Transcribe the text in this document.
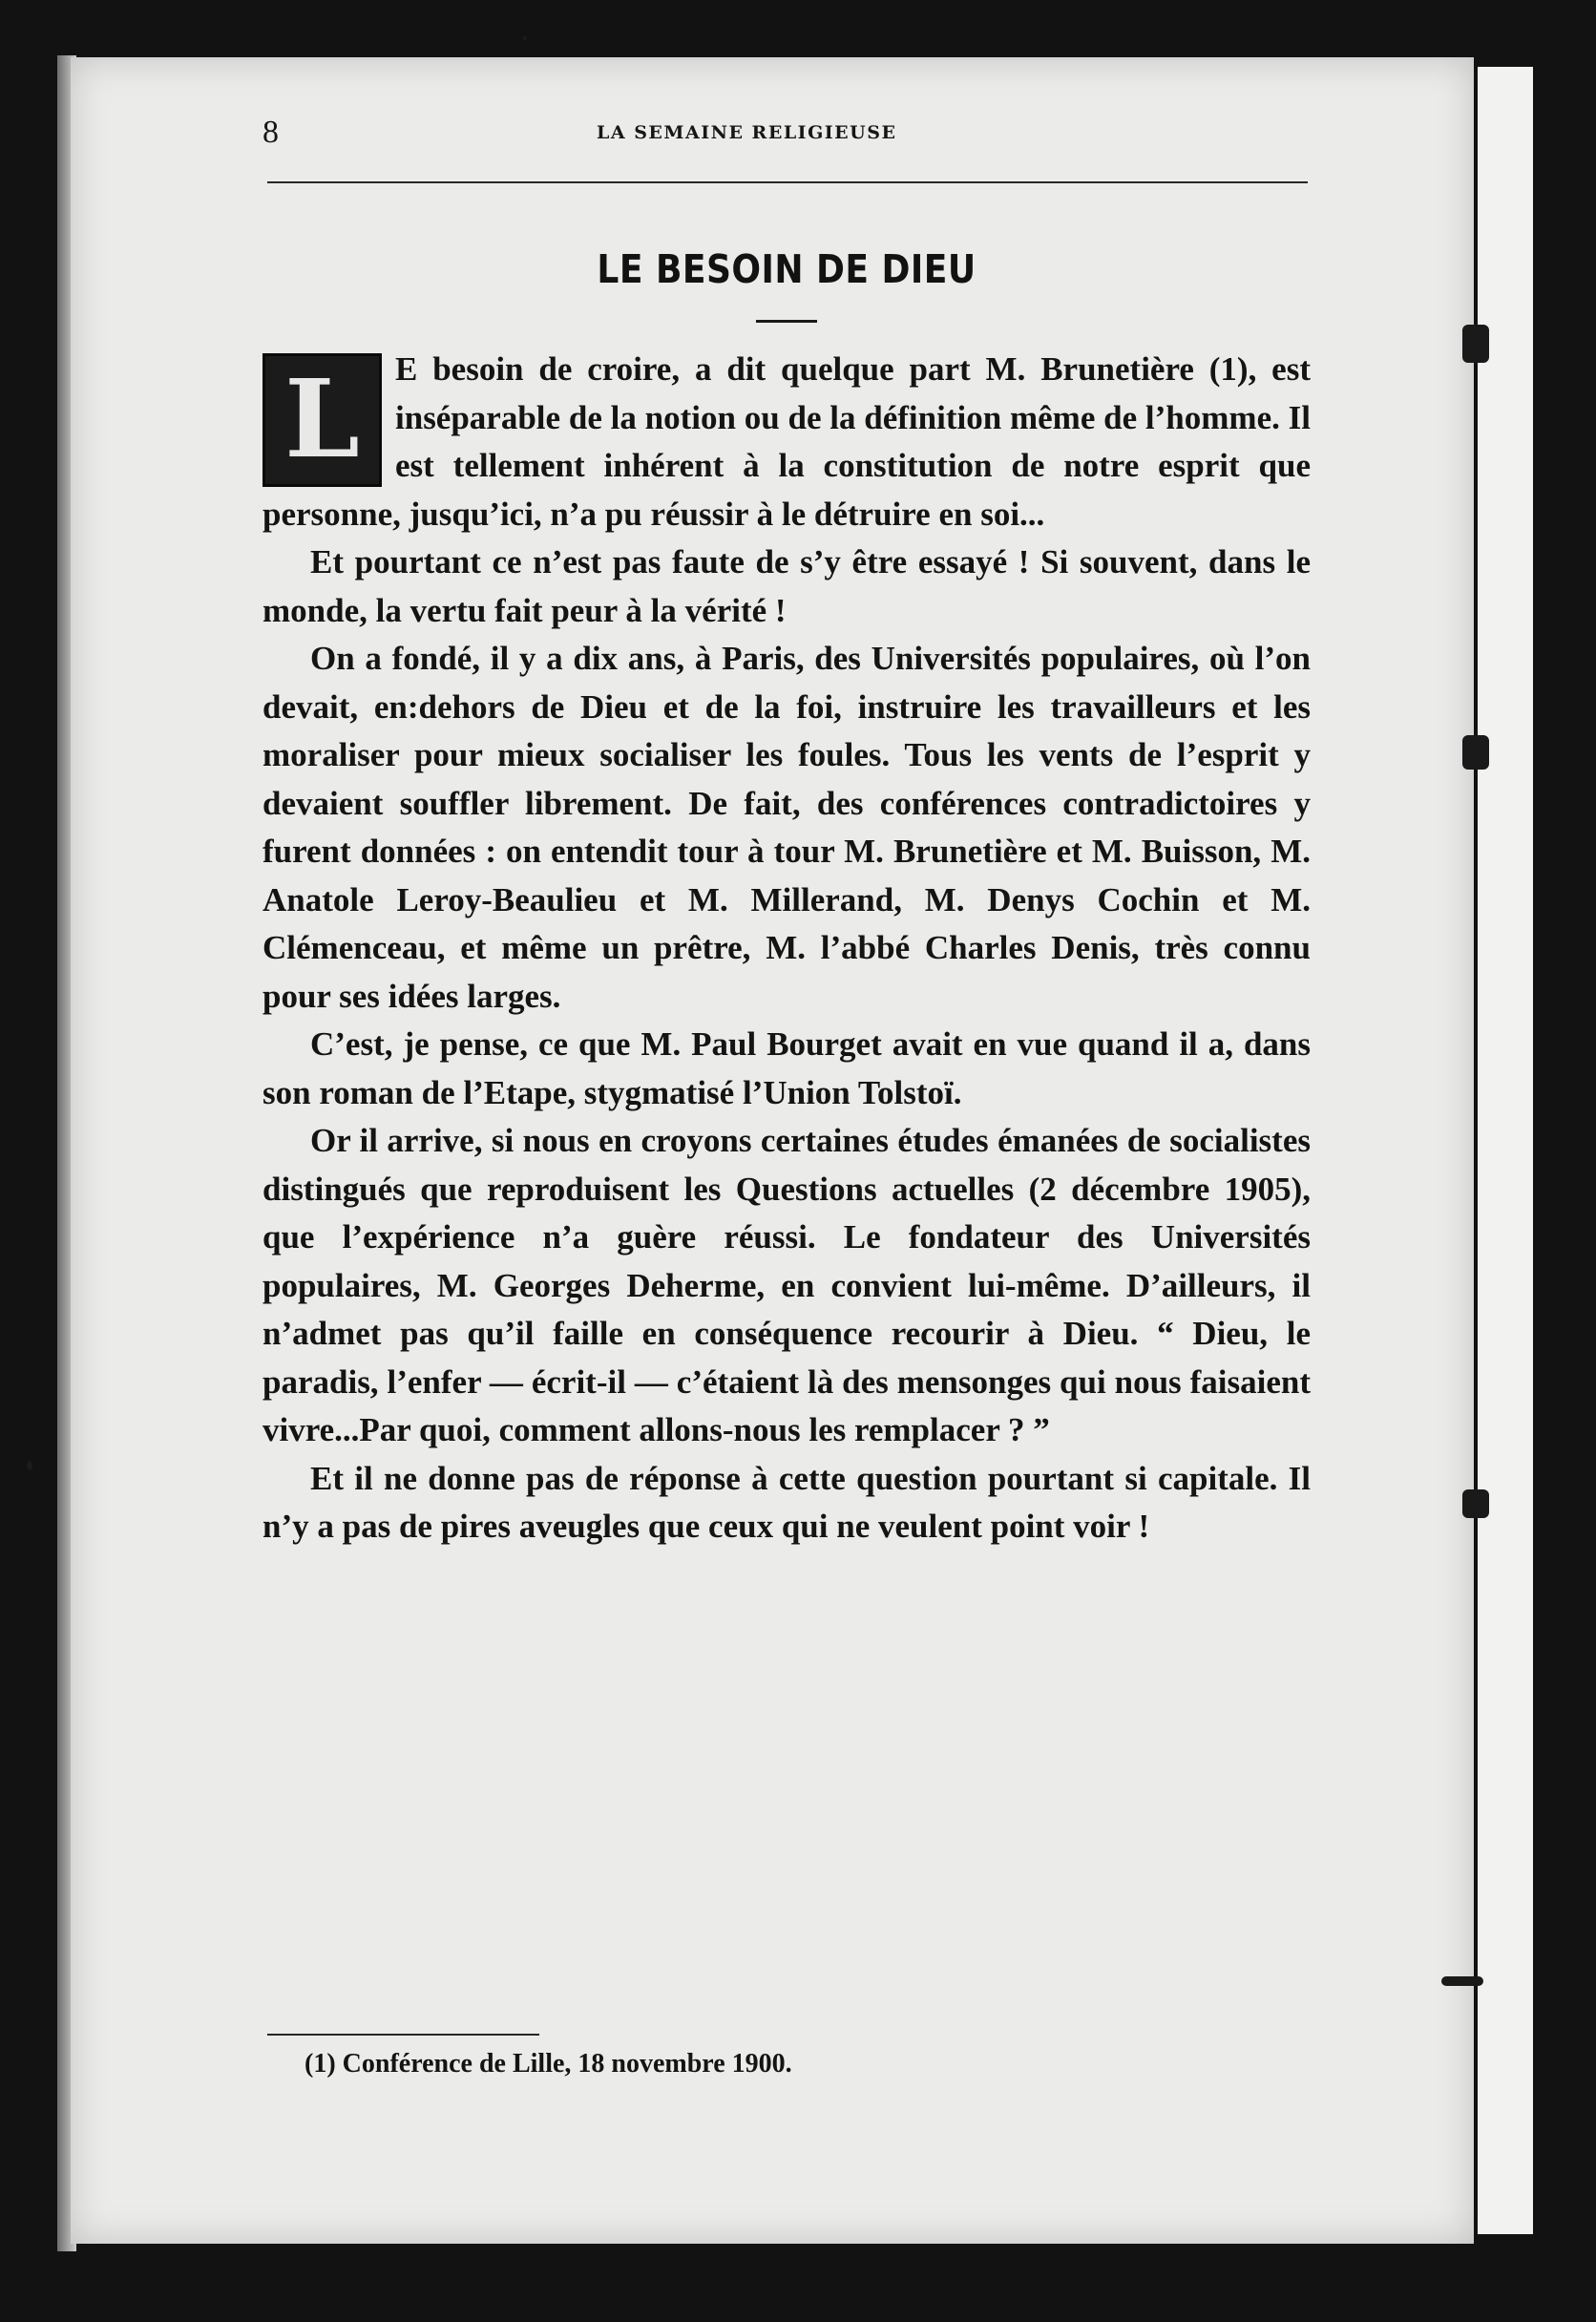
8	LA SEMAINE RELIGIEUSE
LE BESOIN DE DIEU

L	E besoin de croire, a dit quelque part M. Brunetière (1), est inséparable de la notion ou de la définition même de l’homme. Il est tellement inhérent à la constitution de notre esprit que personne, jusqu’ici, n’a pu réussir à le détruire en soi...

Et pourtant ce n’est pas faute de s’y être essayé ! Si souvent, dans le monde, la vertu fait peur à la vérité !

On a fondé, il y a dix ans, à Paris, des Universités populaires, où l’on devait, en:dehors de Dieu et de la foi, instruire les travailleurs et les moraliser pour mieux socialiser les foules. Tous les vents de l’esprit y devaient souffler librement. De fait, des conférences contradictoires y furent données : on entendit tour à tour M. Brunetière et M. Buisson, M. Anatole Leroy-Beaulieu et M. Millerand, M. Denys Cochin et M. Clémenceau, et même un prêtre, M. l’abbé Charles Denis, très connu pour ses idées larges.

C’est, je pense, ce que M. Paul Bourget avait en vue quand il a, dans son roman de l’Etape, stygmatisé l’Union Tolstoï.

Or il arrive, si nous en croyons certaines études émanées de socialistes distingués que reproduisent les Questions actuelles (2 décembre 1905), que l’expérience n’a guère réussi. Le fondateur des Universités populaires, M. Georges Deherme, en convient lui-même. D’ailleurs, il n’admet pas qu’il faille en conséquence recourir à Dieu. “ Dieu, le paradis, l’enfer — écrit-il — c’étaient là des mensonges qui nous faisaient vivre...Par quoi, comment allons-nous les remplacer ? ”

Et il ne donne pas de réponse à cette question pourtant si capitale. Il n’y a pas de pires aveugles que ceux qui ne veulent point voir !

(1) Conférence de Lille, 18 novembre 1900.
